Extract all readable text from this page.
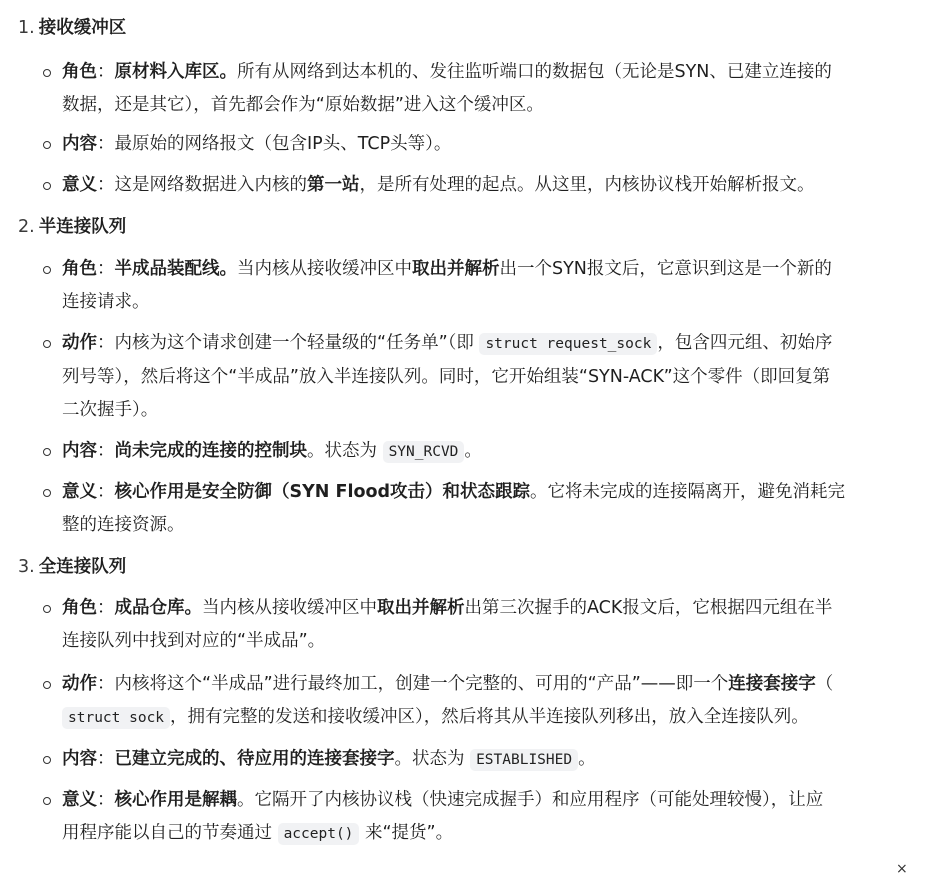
1. 接收缓冲区
角色：原材料入库区。所有从网络到达本机的、发往监听端口的数据包（无论是SYN、已建立连接的
数据，还是其它），首先都会作为“原始数据”进入这个缓冲区。
内容：最原始的网络报文（包含IP头、TCP头等）。
意义：这是网络数据进入内核的第一站，是所有处理的起点。从这里，内核协议栈开始解析报文。
2. 半连接队列
角色：半成品装配线。当内核从接收缓冲区中取出并解析出一个SYN报文后，它意识到这是一个新的
连接请求。
动作：内核为这个请求创建一个轻量级的“任务单”（即 struct request_sock ，包含四元组、初始序
列号等），然后将这个“半成品”放入半连接队列。同时，它开始组装“SYN-ACK”这个零件（即回复第
二次握手）。
内容：尚未完成的连接的控制块。状态为 SYN_RCVD 。
意义：核心作用是安全防御（SYN Flood攻击）和状态跟踪。它将未完成的连接隔离开，避免消耗完
整的连接资源。
3. 全连接队列
角色：成品仓库。当内核从接收缓冲区中取出并解析出第三次握手的ACK报文后，它根据四元组在半
连接队列中找到对应的“半成品”。
动作：内核将这个“半成品”进行最终加工，创建一个完整的、可用的“产品”——即一个连接套接字（
struct sock ，拥有完整的发送和接收缓冲区），然后将其从半连接队列移出，放入全连接队列。
内容：已建立完成的、待应用的连接套接字。状态为 ESTABLISHED 。
意义：核心作用是解耦。它隔开了内核协议栈（快速完成握手）和应用程序（可能处理较慢），让应
用程序能以自己的节奏通过 accept() 来“提货”。
×
